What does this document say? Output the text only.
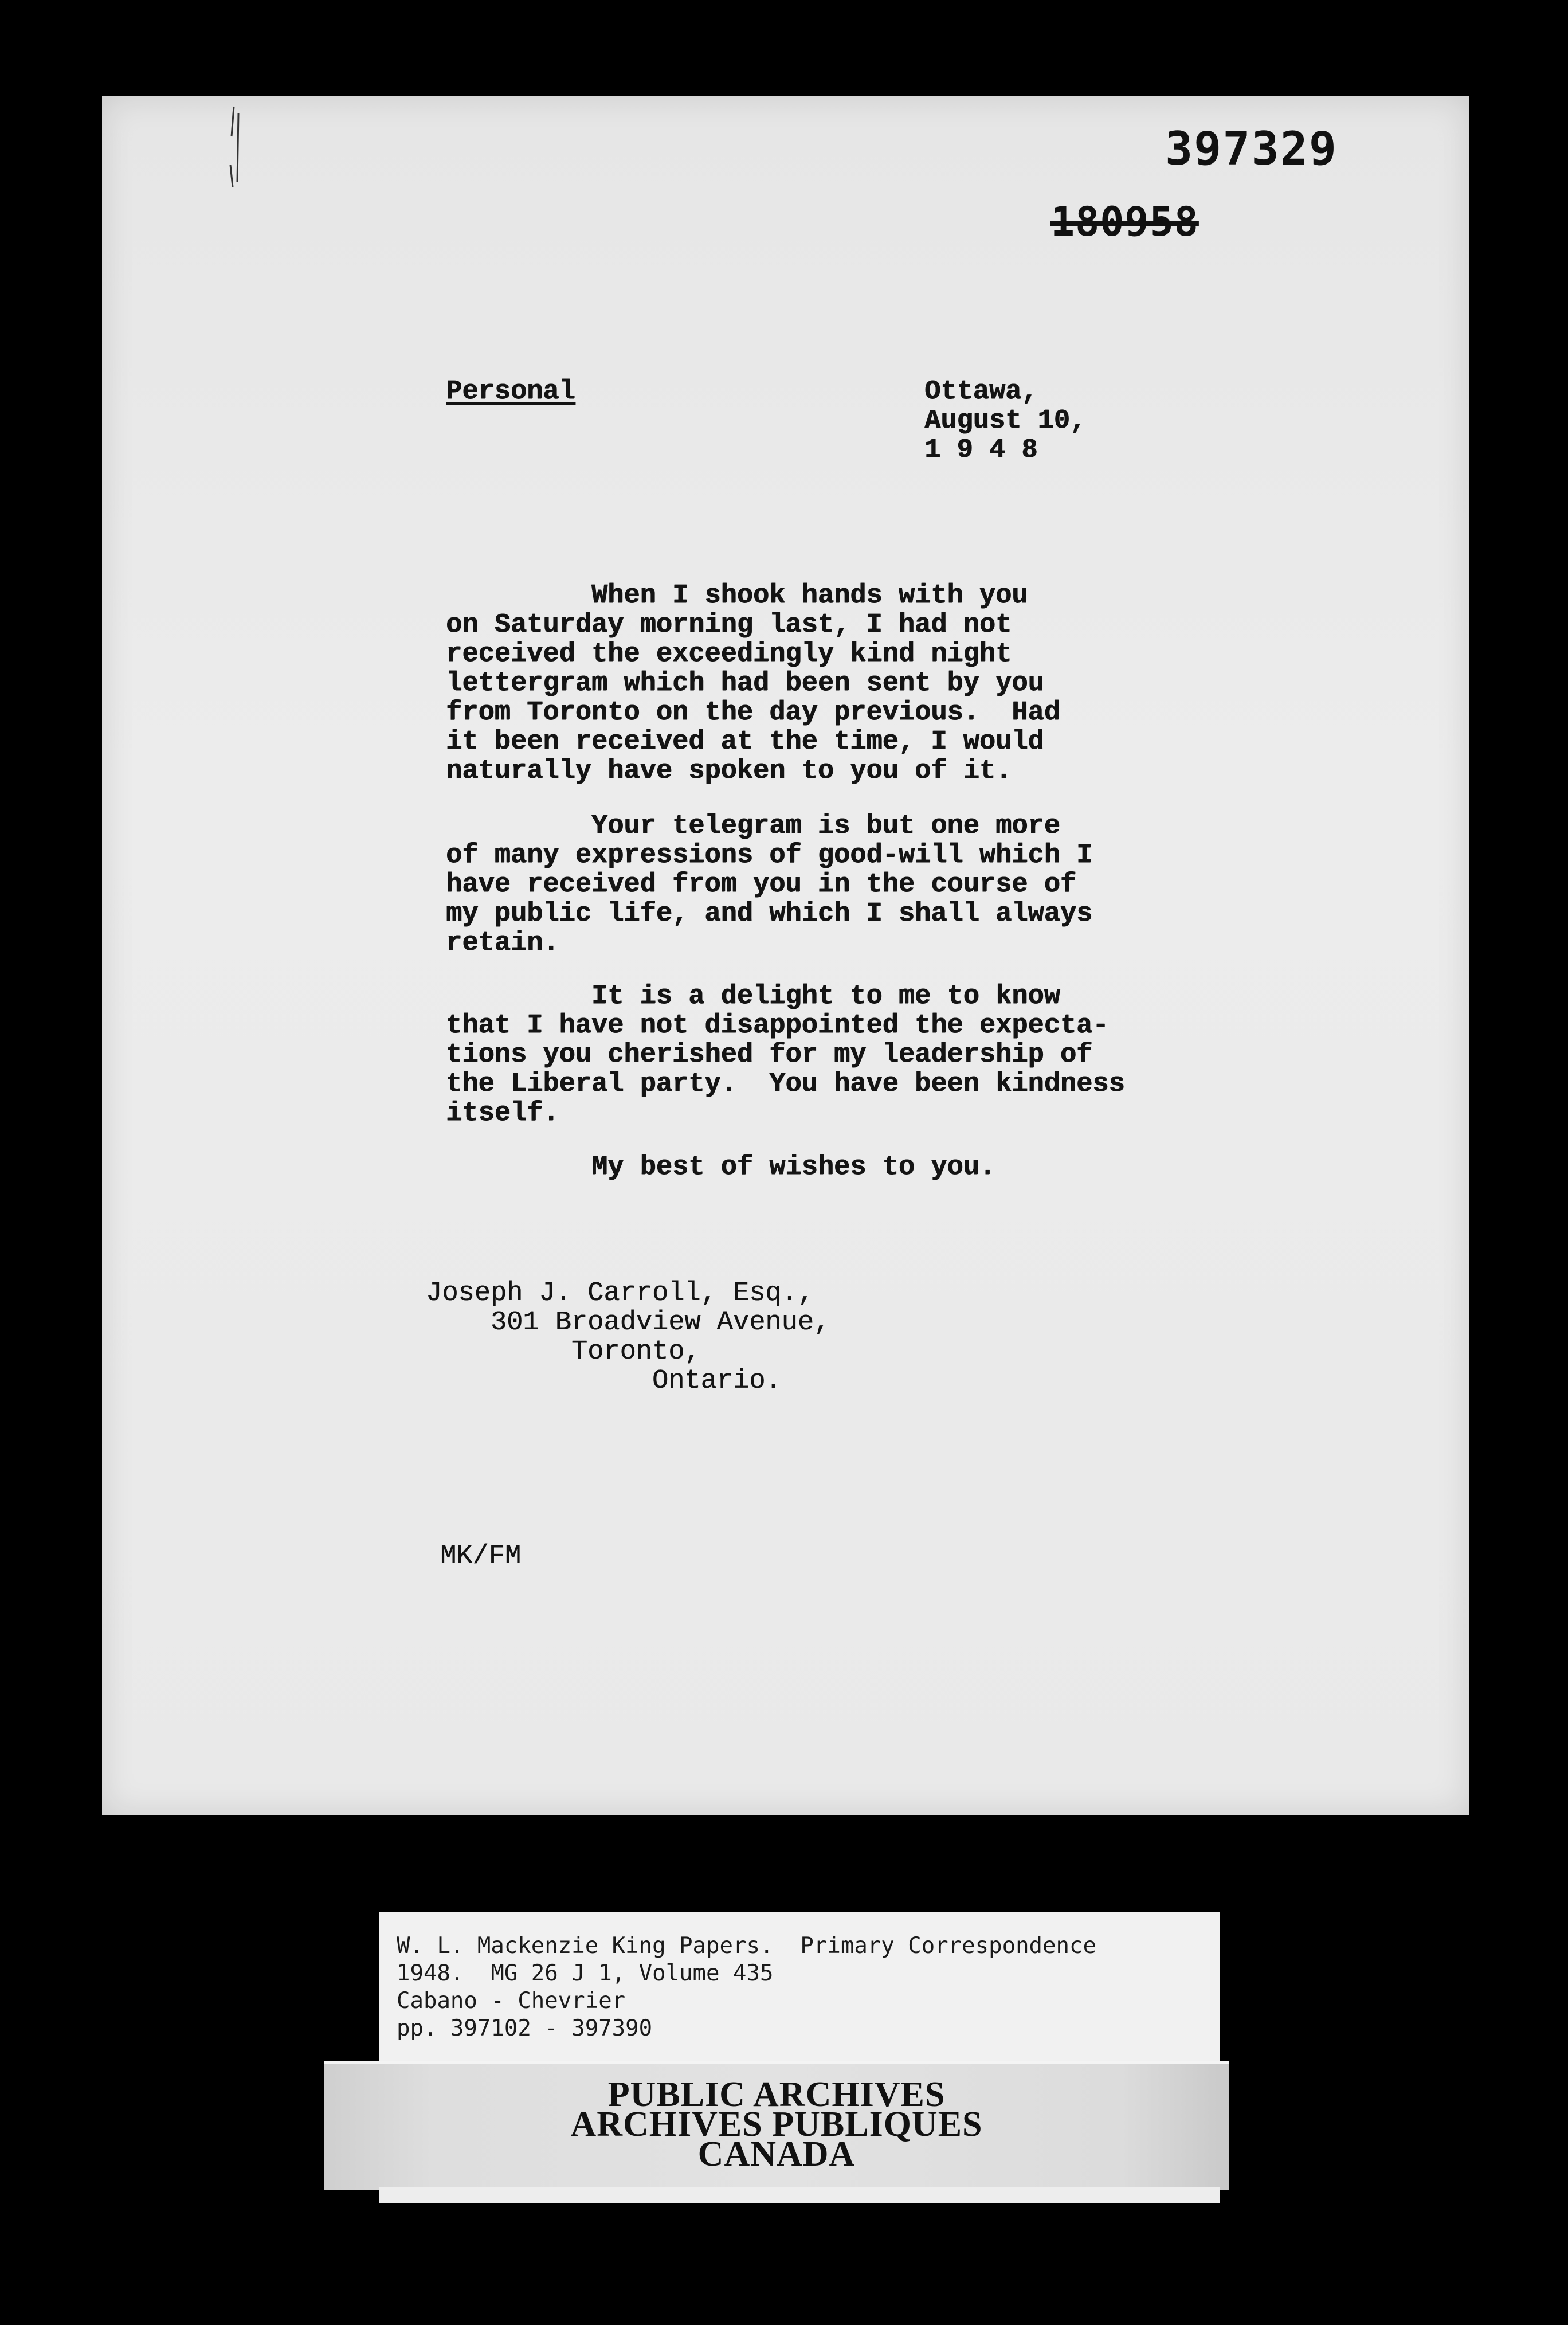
397329
180958
Personal	Ottawa,
August 10,
1 9 4 8
When I shook hands with you
on Saturday morning last, I had not
received the exceedingly kind night
lettergram which had been sent by you
from Toronto on the day previous.  Had
it been received at the time, I would
naturally have spoken to you of it.
Your telegram is but one more
of many expressions of good-will which I
have received from you in the course of
my public life, and which I shall always
retain.
It is a delight to me to know
that I have not disappointed the expecta-
tions you cherished for my leadership of
the Liberal party.  You have been kindness
itself.
My best of wishes to you.
Joseph J. Carroll, Esq.,
301 Broadview Avenue,
Toronto,
Ontario.
MK/FM
W. L. Mackenzie King Papers.  Primary Correspondence
1948.  MG 26 J 1, Volume 435
Cabano - Chevrier
pp. 397102 - 397390
PUBLIC ARCHIVES
ARCHIVES PUBLIQUES
CANADA
